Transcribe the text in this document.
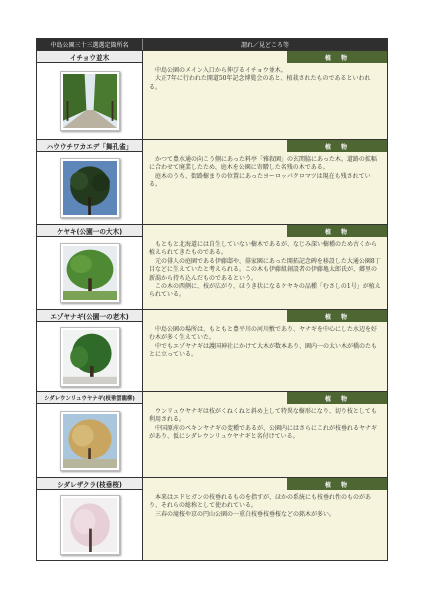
中島公園三十三選選定箇所名	謂れ／見どころ等
イチョウ並木	植　物

中島公園のメイン入口から伸びるイチョウ並木。

大正7年に行われた開道50年記念博覧会のあと、植栽されたものであるといわれる。

ハウウチワカエデ「舞孔雀」	植　物

かつて豊水通の向こう側にあった料亭「雅叙園」の玄関脇にあった木。道路の拡幅に合わせて廃業したため、庭木を公園に寄贈した名残の木である。

庭木のうち、街路樹まりの位置にあったヨーロッパクロマツは現在も残されている。

ケヤキ(公園一の大木)	植　物

もともと北海道には自生していない樹木であるが、なじみ深い樹種のため古くから植えられてきたものである。

元の俳人の庭園である伊藤邸や、俳家園にあった開拓記念碑を移設した大通公園8丁目などに生えていたと考えられる。この木も伊藤組創設者の伊藤亀太郎氏が、郷里の新潟から持ち込んだものであるという。

この木の西側に、枝が広がり、ほうき状になるケヤキの品種「むさしの1号」が植えられている。

エゾヤナギ(公園一の老木)	植　物

中島公園の場所は、もともと豊平川の河川敷であり、ヤナギを中心にした水辺を好む木が多く生えていた。

中でもエゾヤナギは護国神社にかけて大木が数本あり、園内一の太い木が橋のたもとに立っている。

シダレウンリュウヤナギ(枝垂雲龍柳)	植　物

ウンリュウヤナギは枝がくねくねと斜め上して特異な樹形になり、切り枝としても利用される。

中国原産のペキンヤナギの変種であるが、公園内にはさらにこれが枝垂れるヤナギがあり、仮にシダレウンリュウヤナギと名付けている。

シダレザクラ(枝垂桜)	植　物

本来はエドヒガンの枝垂れるものを指すが、ほかの系統にも枝垂れ性のものがあり、それらの総称として使われている。

三春の滝桜や京の円山公園の一重白枝垂枝垂桜などの銘木が多い。
